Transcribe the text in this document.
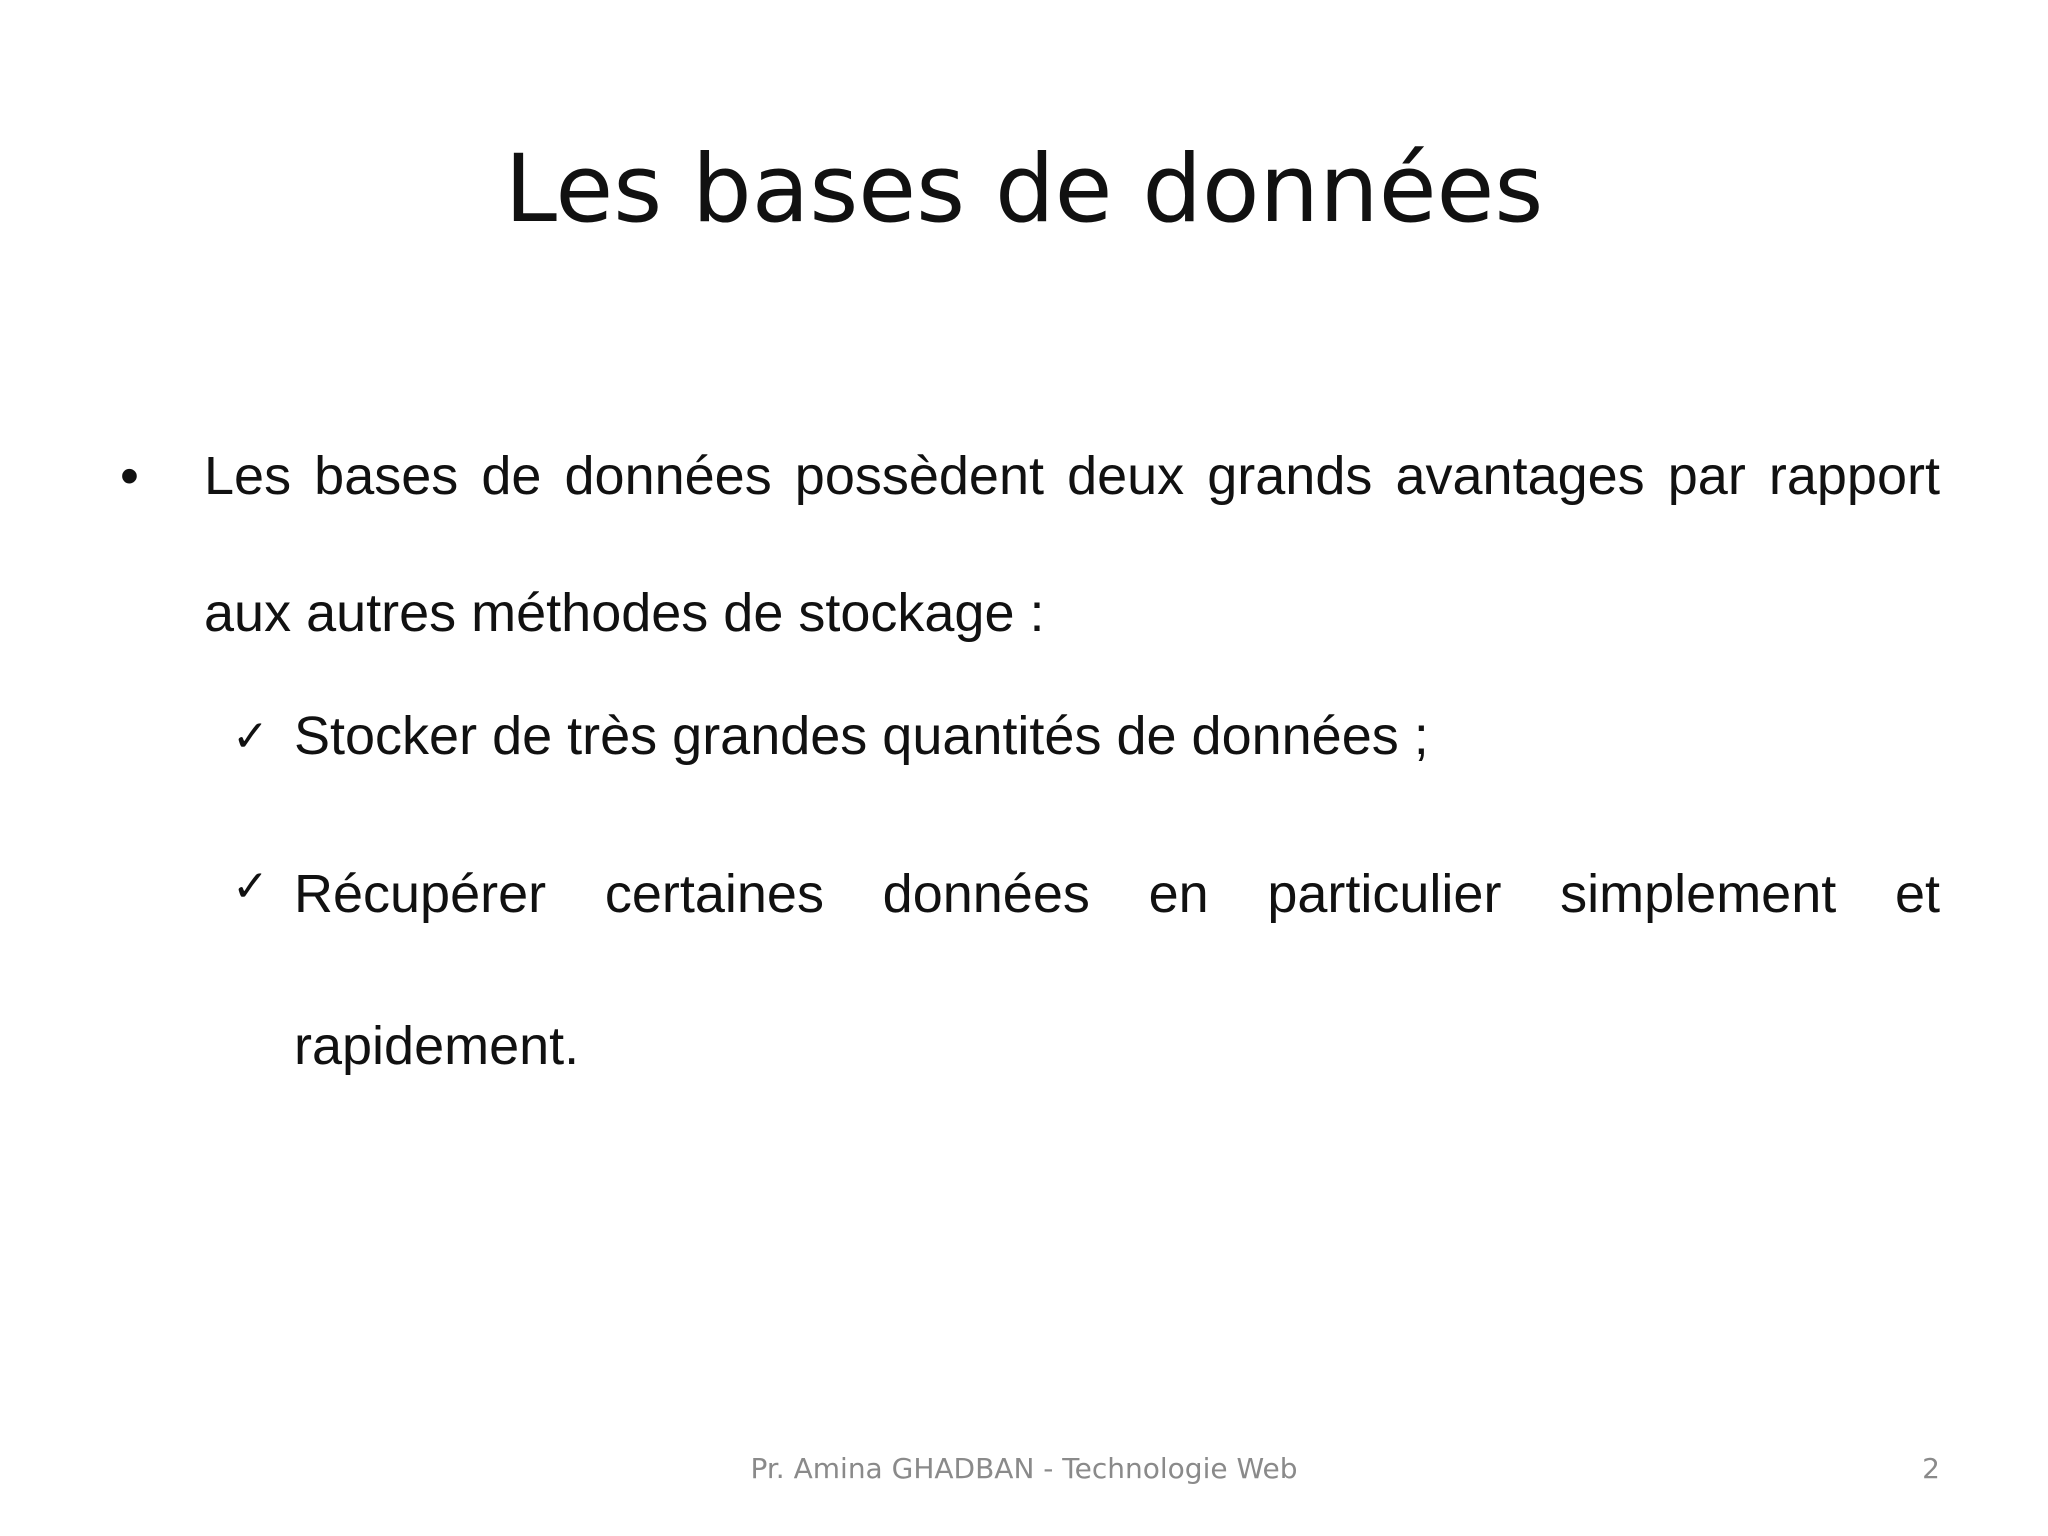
Les bases de données
• Les bases de données possèdent deux grands avantages par rapport aux autres méthodes de stockage :
✓ Stocker de très grandes quantités de données ;
✓ Récupérer certaines données en particulier simplement et rapidement.
Pr. Amina GHADBAN - Technologie Web	2
